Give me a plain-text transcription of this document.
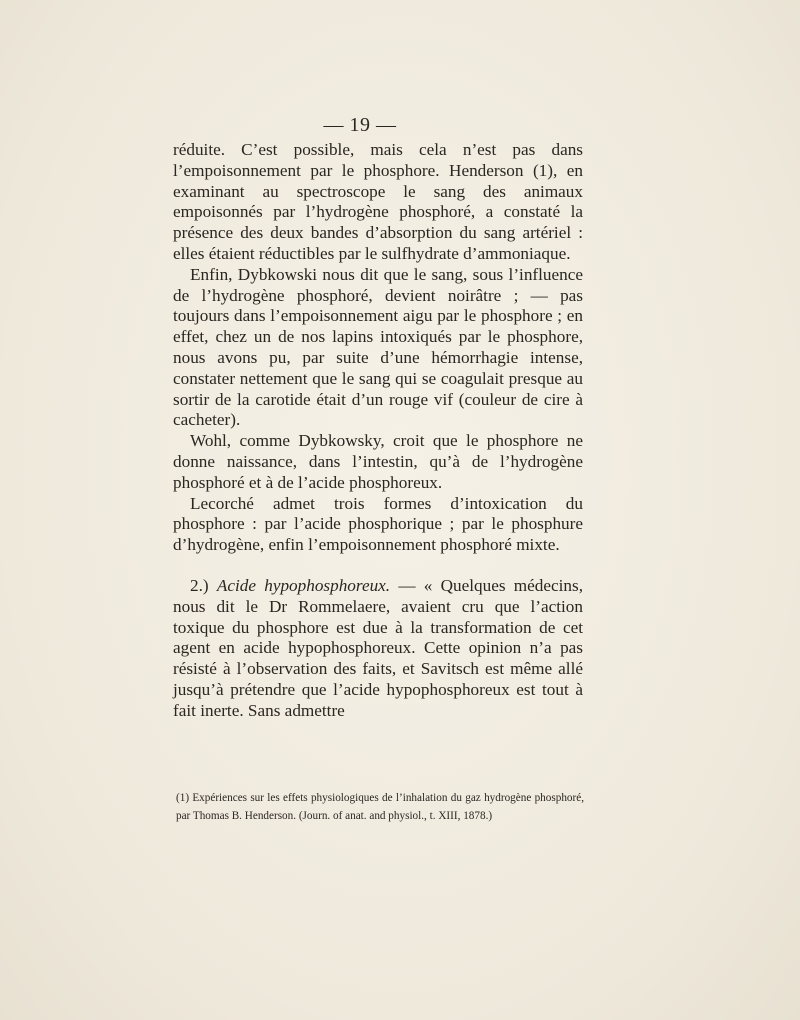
— 19 —

réduite. C’est possible, mais cela n’est pas dans l’empoisonnement par le phosphore. Henderson (1), en examinant au spectroscope le sang des animaux empoisonnés par l’hydrogène phosphoré, a constaté la présence des deux bandes d’absorption du sang artériel : elles étaient réductibles par le sulfhydrate d’ammoniaque.

Enfin, Dybkowski nous dit que le sang, sous l’influence de l’hydrogène phosphoré, devient noirâtre ; — pas toujours dans l’empoisonnement aigu par le phosphore ; en effet, chez un de nos lapins intoxiqués par le phosphore, nous avons pu, par suite d’une hémorrhagie intense, constater nettement que le sang qui se coagulait presque au sortir de la carotide était d’un rouge vif (couleur de cire à cacheter).

Wohl, comme Dybkowsky, croit que le phosphore ne donne naissance, dans l’intestin, qu’à de l’hydrogène phosphoré et à de l’acide phosphoreux.

Lecorché admet trois formes d’intoxication du phosphore : par l’acide phosphorique ; par le phosphure d’hydrogène, enfin l’empoisonnement phosphoré mixte.

2.) Acide hypophosphoreux. — « Quelques médecins, nous dit le Dr Rommelaere, avaient cru que l’action toxique du phosphore est due à la transformation de cet agent en acide hypophosphoreux. Cette opinion n’a pas résisté à l’observation des faits, et Savitsch est même allé jusqu’à prétendre que l’acide hypophosphoreux est tout à fait inerte. Sans admettre

(1) Expériences sur les effets physiologiques de l’inhalation du gaz hydrogène phosphoré, par Thomas B. Henderson. (Journ. of anat. and physiol., t. XIII, 1878.)
